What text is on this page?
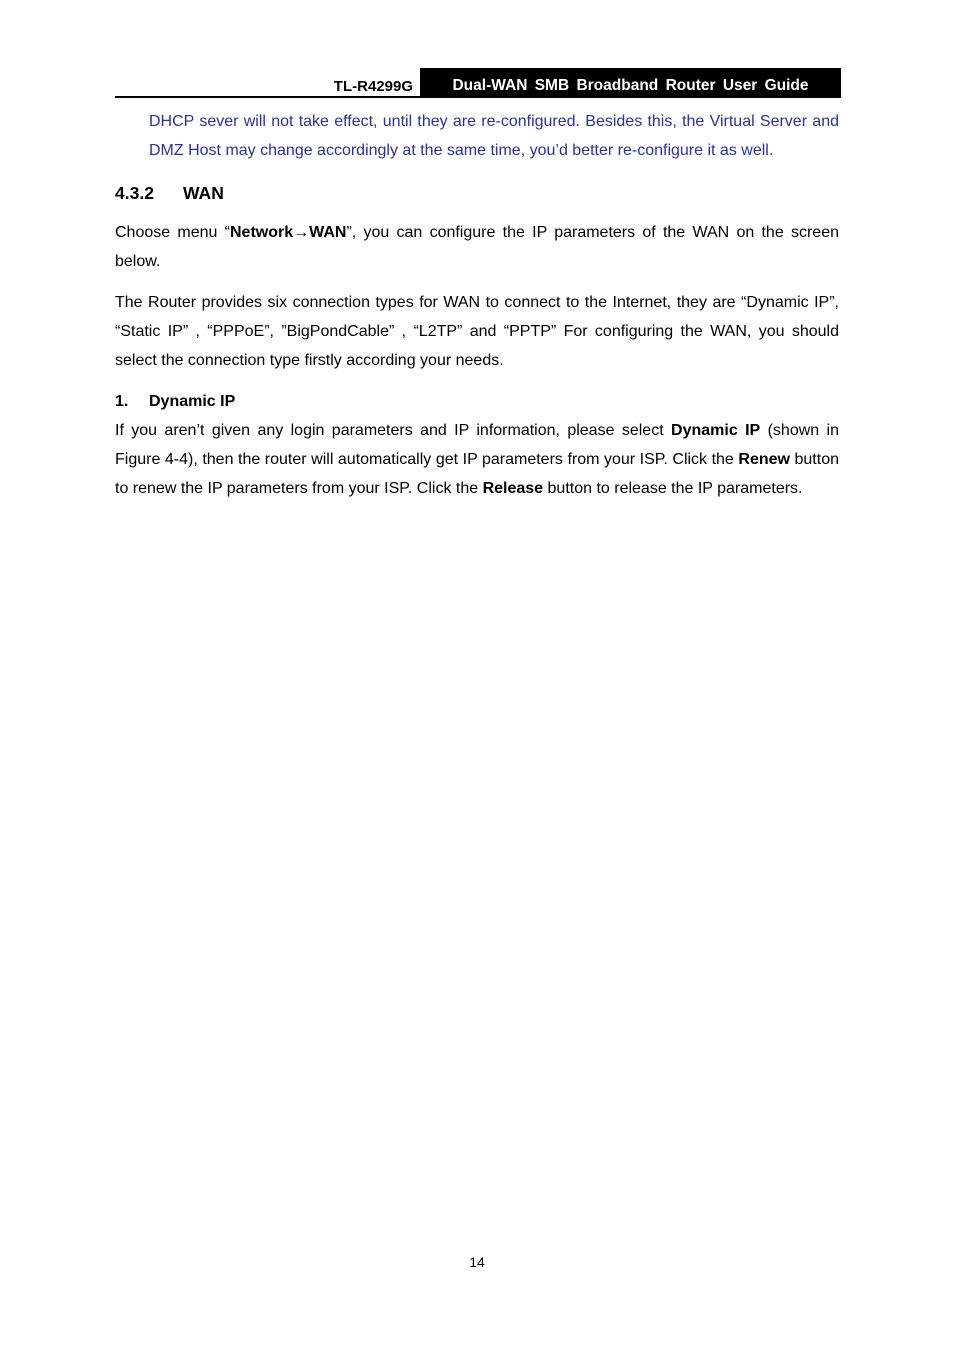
TL-R4299G	Dual-WAN SMB Broadband Router User Guide

DHCP sever will not take effect, until they are re-configured. Besides this, the Virtual Server and DMZ Host may change accordingly at the same time, you’d better re-configure it as well.

4.3.2 WAN

Choose menu “Network→WAN”, you can configure the IP parameters of the WAN on the screen below.

The Router provides six connection types for WAN to connect to the Internet, they are “Dynamic IP”, “Static IP” , “PPPoE”, ”BigPondCable” , “L2TP” and “PPTP” For configuring the WAN, you should select the connection type firstly according your needs.

1. Dynamic IP

If you aren’t given any login parameters and IP information, please select Dynamic IP (shown in Figure 4-4), then the router will automatically get IP parameters from your ISP. Click the Renew button to renew the IP parameters from your ISP. Click the Release button to release the IP parameters.

14
